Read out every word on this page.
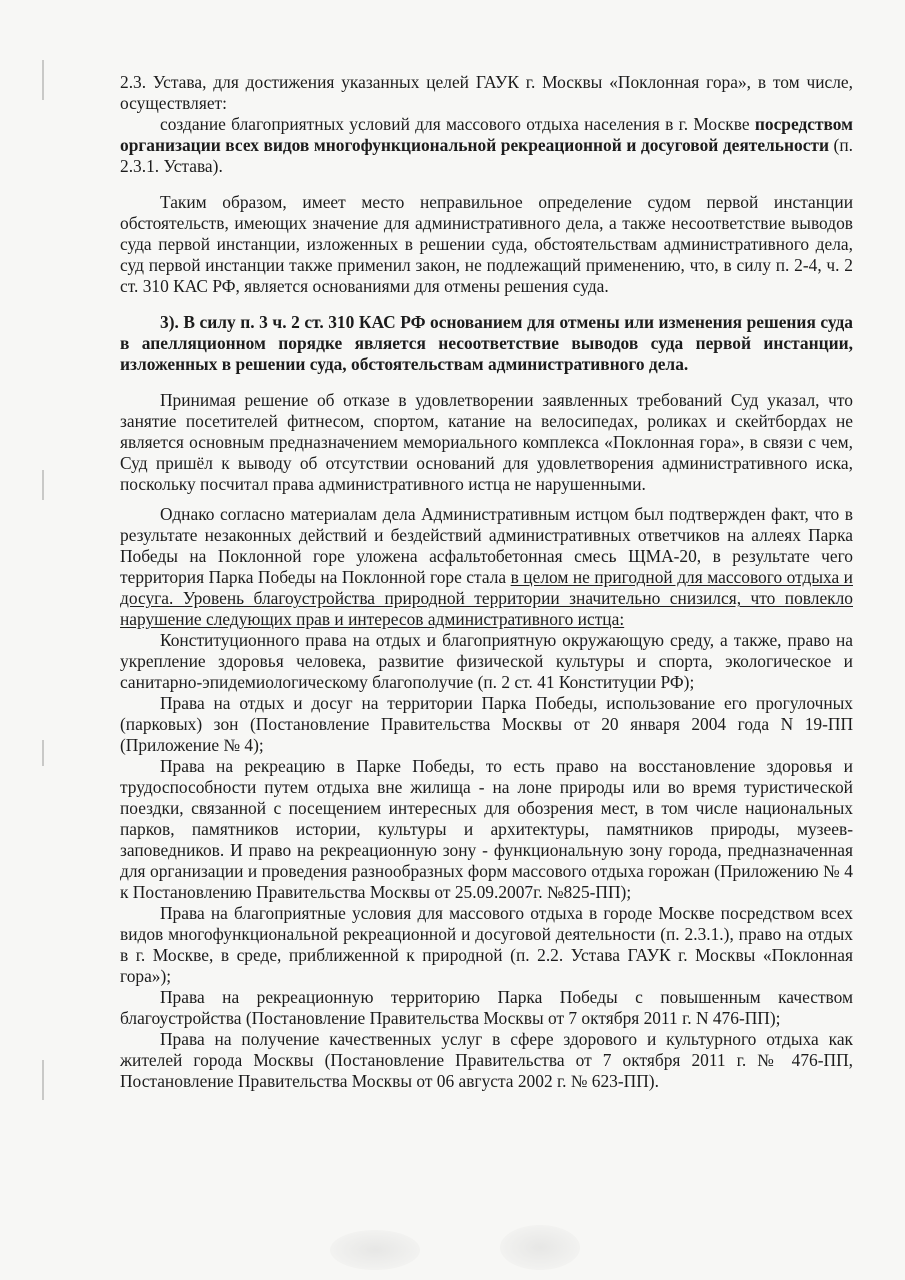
2.3. Устава, для достижения указанных целей ГАУК г. Москвы «Поклонная гора», в том числе, осуществляет:

создание благоприятных условий для массового отдыха населения в г. Москве посредством организации всех видов многофункциональной рекреационной и досуговой деятельности (п. 2.3.1. Устава).

Таким образом, имеет место неправильное определение судом первой инстанции обстоятельств, имеющих значение для административного дела, а также несоответствие выводов суда первой инстанции, изложенных в решении суда, обстоятельствам административного дела, суд первой инстанции также применил закон, не подлежащий применению, что, в силу п. 2-4, ч. 2 ст. 310 КАС РФ, является основаниями для отмены решения суда.

3). В силу п. 3 ч. 2 ст. 310 КАС РФ основанием для отмены или изменения решения суда в апелляционном порядке является несоответствие выводов суда первой инстанции, изложенных в решении суда, обстоятельствам административного дела.

Принимая решение об отказе в удовлетворении заявленных требований Суд указал, что занятие посетителей фитнесом, спортом, катание на велосипедах, роликах и скейтбордах не является основным предназначением мемориального комплекса «Поклонная гора», в связи с чем, Суд пришёл к выводу об отсутствии оснований для удовлетворения административного иска, поскольку посчитал права административного истца не нарушенными.

Однако согласно материалам дела Административным истцом был подтвержден факт, что в результате незаконных действий и бездействий административных ответчиков на аллеях Парка Победы на Поклонной горе уложена асфальтобетонная смесь ЩМА-20, в результате чего территория Парка Победы на Поклонной горе стала в целом не пригодной для массового отдыха и досуга. Уровень благоустройства природной территории значительно снизился, что повлекло нарушение следующих прав и интересов административного истца:

Конституционного права на отдых и благоприятную окружающую среду, а также, право на укрепление здоровья человека, развитие физической культуры и спорта, экологическое и санитарно-эпидемиологическому благополучие (п. 2 ст. 41 Конституции РФ);

Права на отдых и досуг на территории Парка Победы, использование его прогулочных (парковых) зон (Постановление Правительства Москвы от 20 января 2004 года N 19-ПП (Приложение № 4);

Права на рекреацию в Парке Победы, то есть право на восстановление здоровья и трудоспособности путем отдыха вне жилища - на лоне природы или во время туристической поездки, связанной с посещением интересных для обозрения мест, в том числе национальных парков, памятников истории, культуры и архитектуры, памятников природы, музеев-заповедников. И право на рекреационную зону - функциональную зону города, предназначенная для организации и проведения разнообразных форм массового отдыха горожан (Приложению № 4 к Постановлению Правительства Москвы от 25.09.2007г. №825-ПП);

Права на благоприятные условия для массового отдыха в городе Москве посредством всех видов многофункциональной рекреационной и досуговой деятельности (п. 2.3.1.), право на отдых в г. Москве, в среде, приближенной к природной (п. 2.2. Устава ГАУК г. Москвы «Поклонная гора»);

Права на рекреационную территорию Парка Победы с повышенным качеством благоустройства (Постановление Правительства Москвы от 7 октября 2011 г. N 476-ПП);

Права на получение качественных услуг в сфере здорового и культурного отдыха как жителей города Москвы (Постановление Правительства от 7 октября 2011 г. № 476-ПП, Постановление Правительства Москвы от 06 августа 2002 г. № 623-ПП).
